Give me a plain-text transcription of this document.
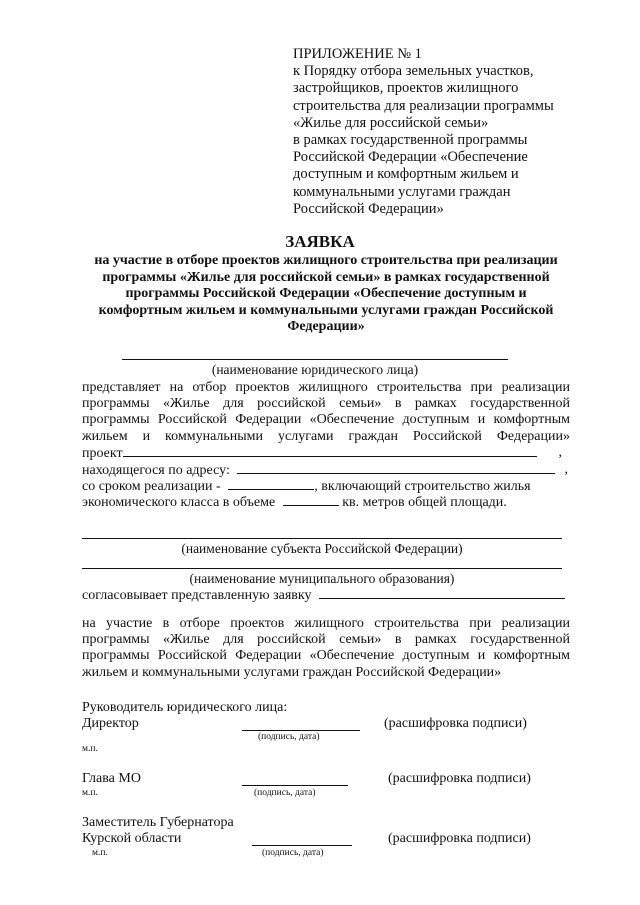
ПРИЛОЖЕНИЕ № 1
к Порядку отбора земельных участков,
застройщиков, проектов жилищного
строительства для реализации программы
«Жилье для российской семьи»
в рамках государственной программы
Российской Федерации «Обеспечение
доступным и комфортным жильем и
коммунальными услугами граждан
Российской Федерации»
ЗАЯВКА
на участие в отборе проектов жилищного строительства при реализации программы «Жилье для российской семьи» в рамках государственной программы Российской Федерации «Обеспечение доступным и комфортным жильем и коммунальными услугами граждан Российской Федерации»
(наименование юридического лица)
представляет на отбор проектов жилищного строительства при реализации программы «Жилье для российской семьи» в рамках государственной программы Российской Федерации «Обеспечение доступным и комфортным жильем и коммунальными услугами граждан Российской Федерации»
проект	,
находящегося по адресу:	,
со сроком реализации -	, включающий строительство жилья
экономического класса в объеме	кв. метров общей площади.
(наименование субъекта Российской Федерации)
(наименование муниципального образования)
согласовывает представленную заявку
на участие в отборе проектов жилищного строительства при реализации программы «Жилье для российской семьи» в рамках государственной программы Российской Федерации «Обеспечение доступным и комфортным жильем и коммунальными услугами граждан Российской Федерации»
Руководитель юридического лица:
Директор	(расшифровка подписи)
(подпись, дата)
м.п.
Глава МО	(расшифровка подписи)
м.п.	(подпись, дата)
Заместитель Губернатора
Курской области	(расшифровка подписи)
м.п.	(подпись, дата)
